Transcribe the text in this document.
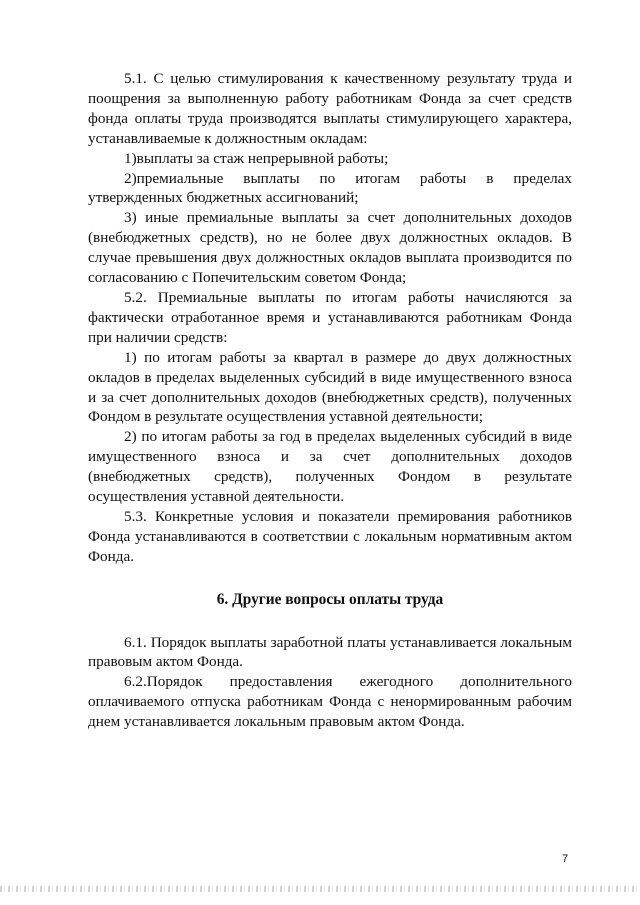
5.1. С целью стимулирования к качественному результату труда и поощрения за выполненную работу работникам Фонда за счет средств фонда оплаты труда производятся выплаты стимулирующего характера, устанавливаемые к должностным окладам:

1)выплаты за стаж непрерывной работы;

2)премиальные выплаты по итогам работы в пределах утвержденных бюджетных ассигнований;

3) иные премиальные выплаты за счет дополнительных доходов (внебюджетных средств), но не более двух должностных окладов. В случае превышения двух должностных окладов выплата производится по согласованию с Попечительским советом Фонда;

5.2. Премиальные выплаты по итогам работы начисляются за фактически отработанное время и устанавливаются работникам Фонда при наличии средств:

1) по итогам работы за квартал в размере до двух должностных окладов в пределах выделенных субсидий в виде имущественного взноса и за счет дополнительных доходов (внебюджетных средств), полученных Фондом в результате осуществления уставной деятельности;

2) по итогам работы за год в пределах выделенных субсидий в виде имущественного взноса и за счет дополнительных доходов (внебюджетных средств), полученных Фондом в результате осуществления уставной деятельности.

5.3. Конкретные условия и показатели премирования работников Фонда устанавливаются в соответствии с локальным нормативным актом Фонда.

6. Другие вопросы оплаты труда

6.1. Порядок выплаты заработной платы устанавливается локальным правовым актом Фонда.

6.2.Порядок предоставления ежегодного дополнительного оплачиваемого отпуска работникам Фонда с ненормированным рабочим днем устанавливается локальным правовым актом Фонда.

7
